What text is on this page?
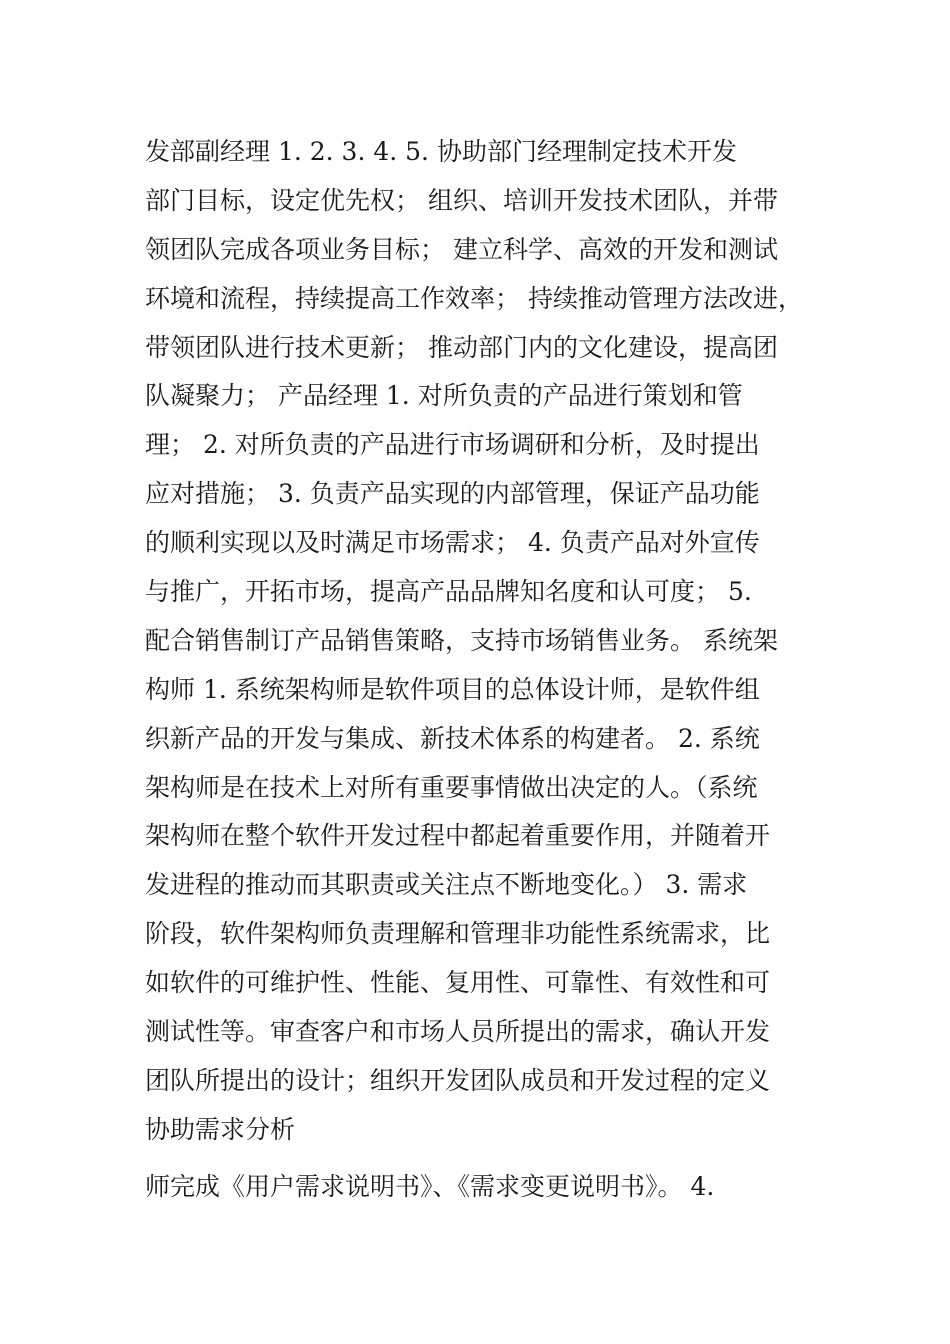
发部副经理 1. 2. 3. 4. 5. 协助部门经理制定技术开发
部门目标，设定优先权； 组织、培训开发技术团队，并带
领团队完成各项业务目标； 建立科学、高效的开发和测试
环境和流程，持续提高工作效率； 持续推动管理方法改进，
带领团队进行技术更新； 推动部门内的文化建设，提高团
队凝聚力； 产品经理 1. 对所负责的产品进行策划和管
理； 2. 对所负责的产品进行市场调研和分析，及时提出
应对措施； 3. 负责产品实现的内部管理，保证产品功能
的顺利实现以及时满足市场需求； 4. 负责产品对外宣传
与推广，开拓市场，提高产品品牌知名度和认可度； 5.
配合销售制订产品销售策略，支持市场销售业务。 系统架
构师 1. 系统架构师是软件项目的总体设计师，是软件组
织新产品的开发与集成、新技术体系的构建者。 2. 系统
架构师是在技术上对所有重要事情做出决定的人。（系统
架构师在整个软件开发过程中都起着重要作用，并随着开
发进程的推动而其职责或关注点不断地变化。） 3. 需求
阶段，软件架构师负责理解和管理非功能性系统需求，比
如软件的可维护性、性能、复用性、可靠性、有效性和可
测试性等。审查客户和市场人员所提出的需求，确认开发
团队所提出的设计；组织开发团队成员和开发过程的定义
协助需求分析
师完成《用户需求说明书》、《需求变更说明书》。 4.
